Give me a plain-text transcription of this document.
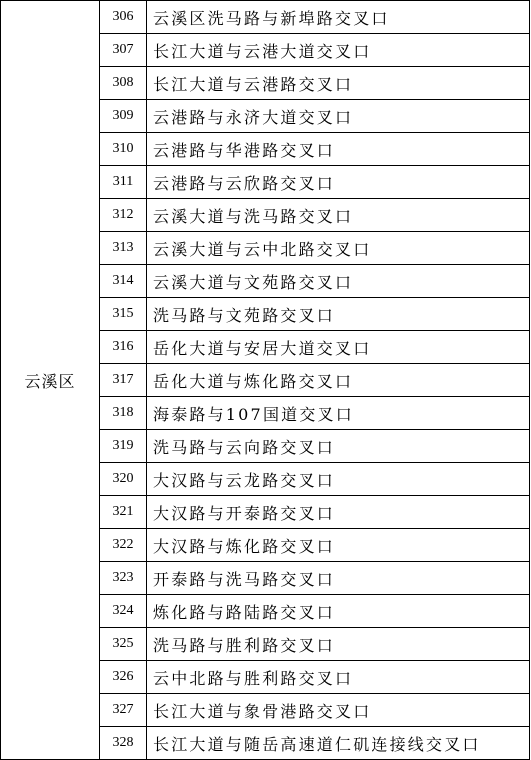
云溪区	306	云溪区洗马路与新埠路交叉口
	307	长江大道与云港大道交叉口
	308	长江大道与云港路交叉口
	309	云港路与永济大道交叉口
	310	云港路与华港路交叉口
	311	云港路与云欣路交叉口
	312	云溪大道与洗马路交叉口
	313	云溪大道与云中北路交叉口
	314	云溪大道与文苑路交叉口
	315	洗马路与文苑路交叉口
	316	岳化大道与安居大道交叉口
	317	岳化大道与炼化路交叉口
	318	海泰路与107国道交叉口
	319	洗马路与云向路交叉口
	320	大汉路与云龙路交叉口
	321	大汉路与开泰路交叉口
	322	大汉路与炼化路交叉口
	323	开泰路与洗马路交叉口
	324	炼化路与路陆路交叉口
	325	洗马路与胜利路交叉口
	326	云中北路与胜利路交叉口
	327	长江大道与象骨港路交叉口
	328	长江大道与随岳高速道仁矶连接线交叉口
